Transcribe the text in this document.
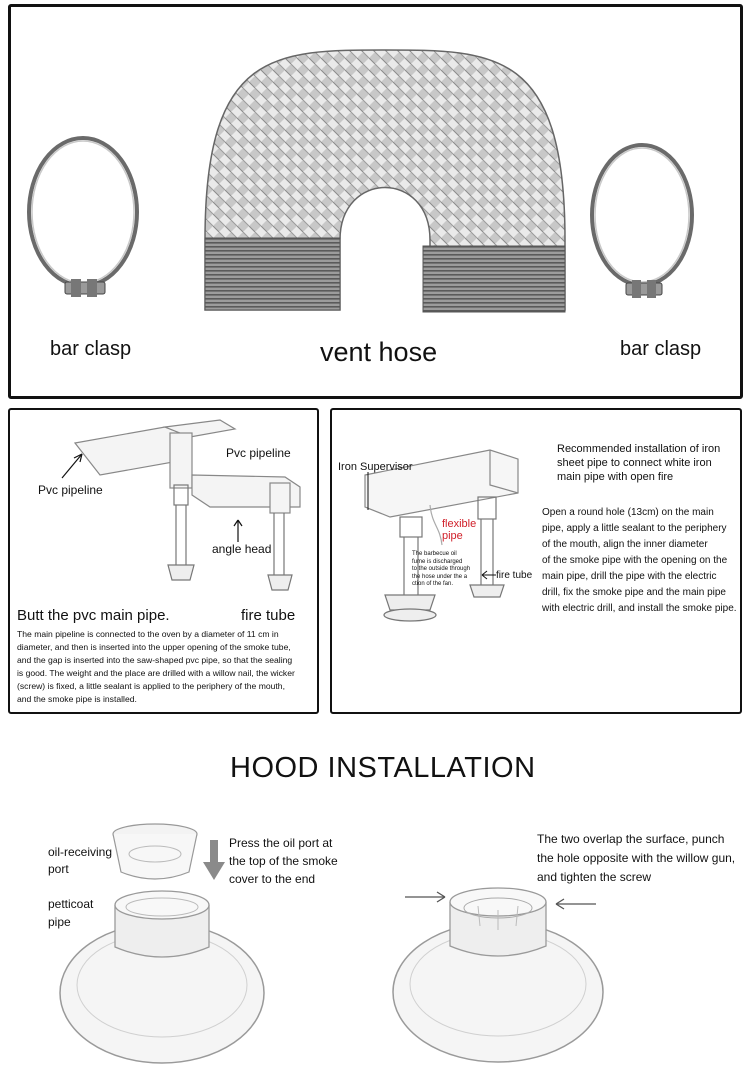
bar clasp	vent hose	bar clasp
Pvc pipeline
Pvc pipeline
angle head
fire tube
Butt the pvc main pipe.
The main pipeline is connected to the oven by a diameter of 11 cm in
diameter, and then is inserted into the upper opening of the smoke tube,
and the gap is inserted into the saw-shaped pvc pipe, so that the sealing
is good. The weight and the place are drilled with a willow nail, the wicker
(screw) is fixed, a little sealant is applied to the periphery of the mouth,
and the smoke pipe is installed.
Recommended installation of iron
sheet pipe to connect white iron
main pipe with open fire
Iron Supervisor
flexible
pipe
The barbecue oil
fume is discharged
to the outside through
the hose under the a
ction of the fan.
fire tube
Open a round hole (13cm) on the main
pipe, apply a little sealant to the periphery
of the mouth, align the inner diameter
of the smoke pipe with the opening on the
main pipe, drill the pipe with the electric
drill, fix the smoke pipe and the main pipe
with electric drill, and install the smoke pipe.
HOOD INSTALLATION
oil-receiving
port
Press the oil port at
the top of the smoke
cover to the end
petticoat
pipe
The two overlap the surface, punch
the hole opposite with the willow gun,
and tighten the screw
